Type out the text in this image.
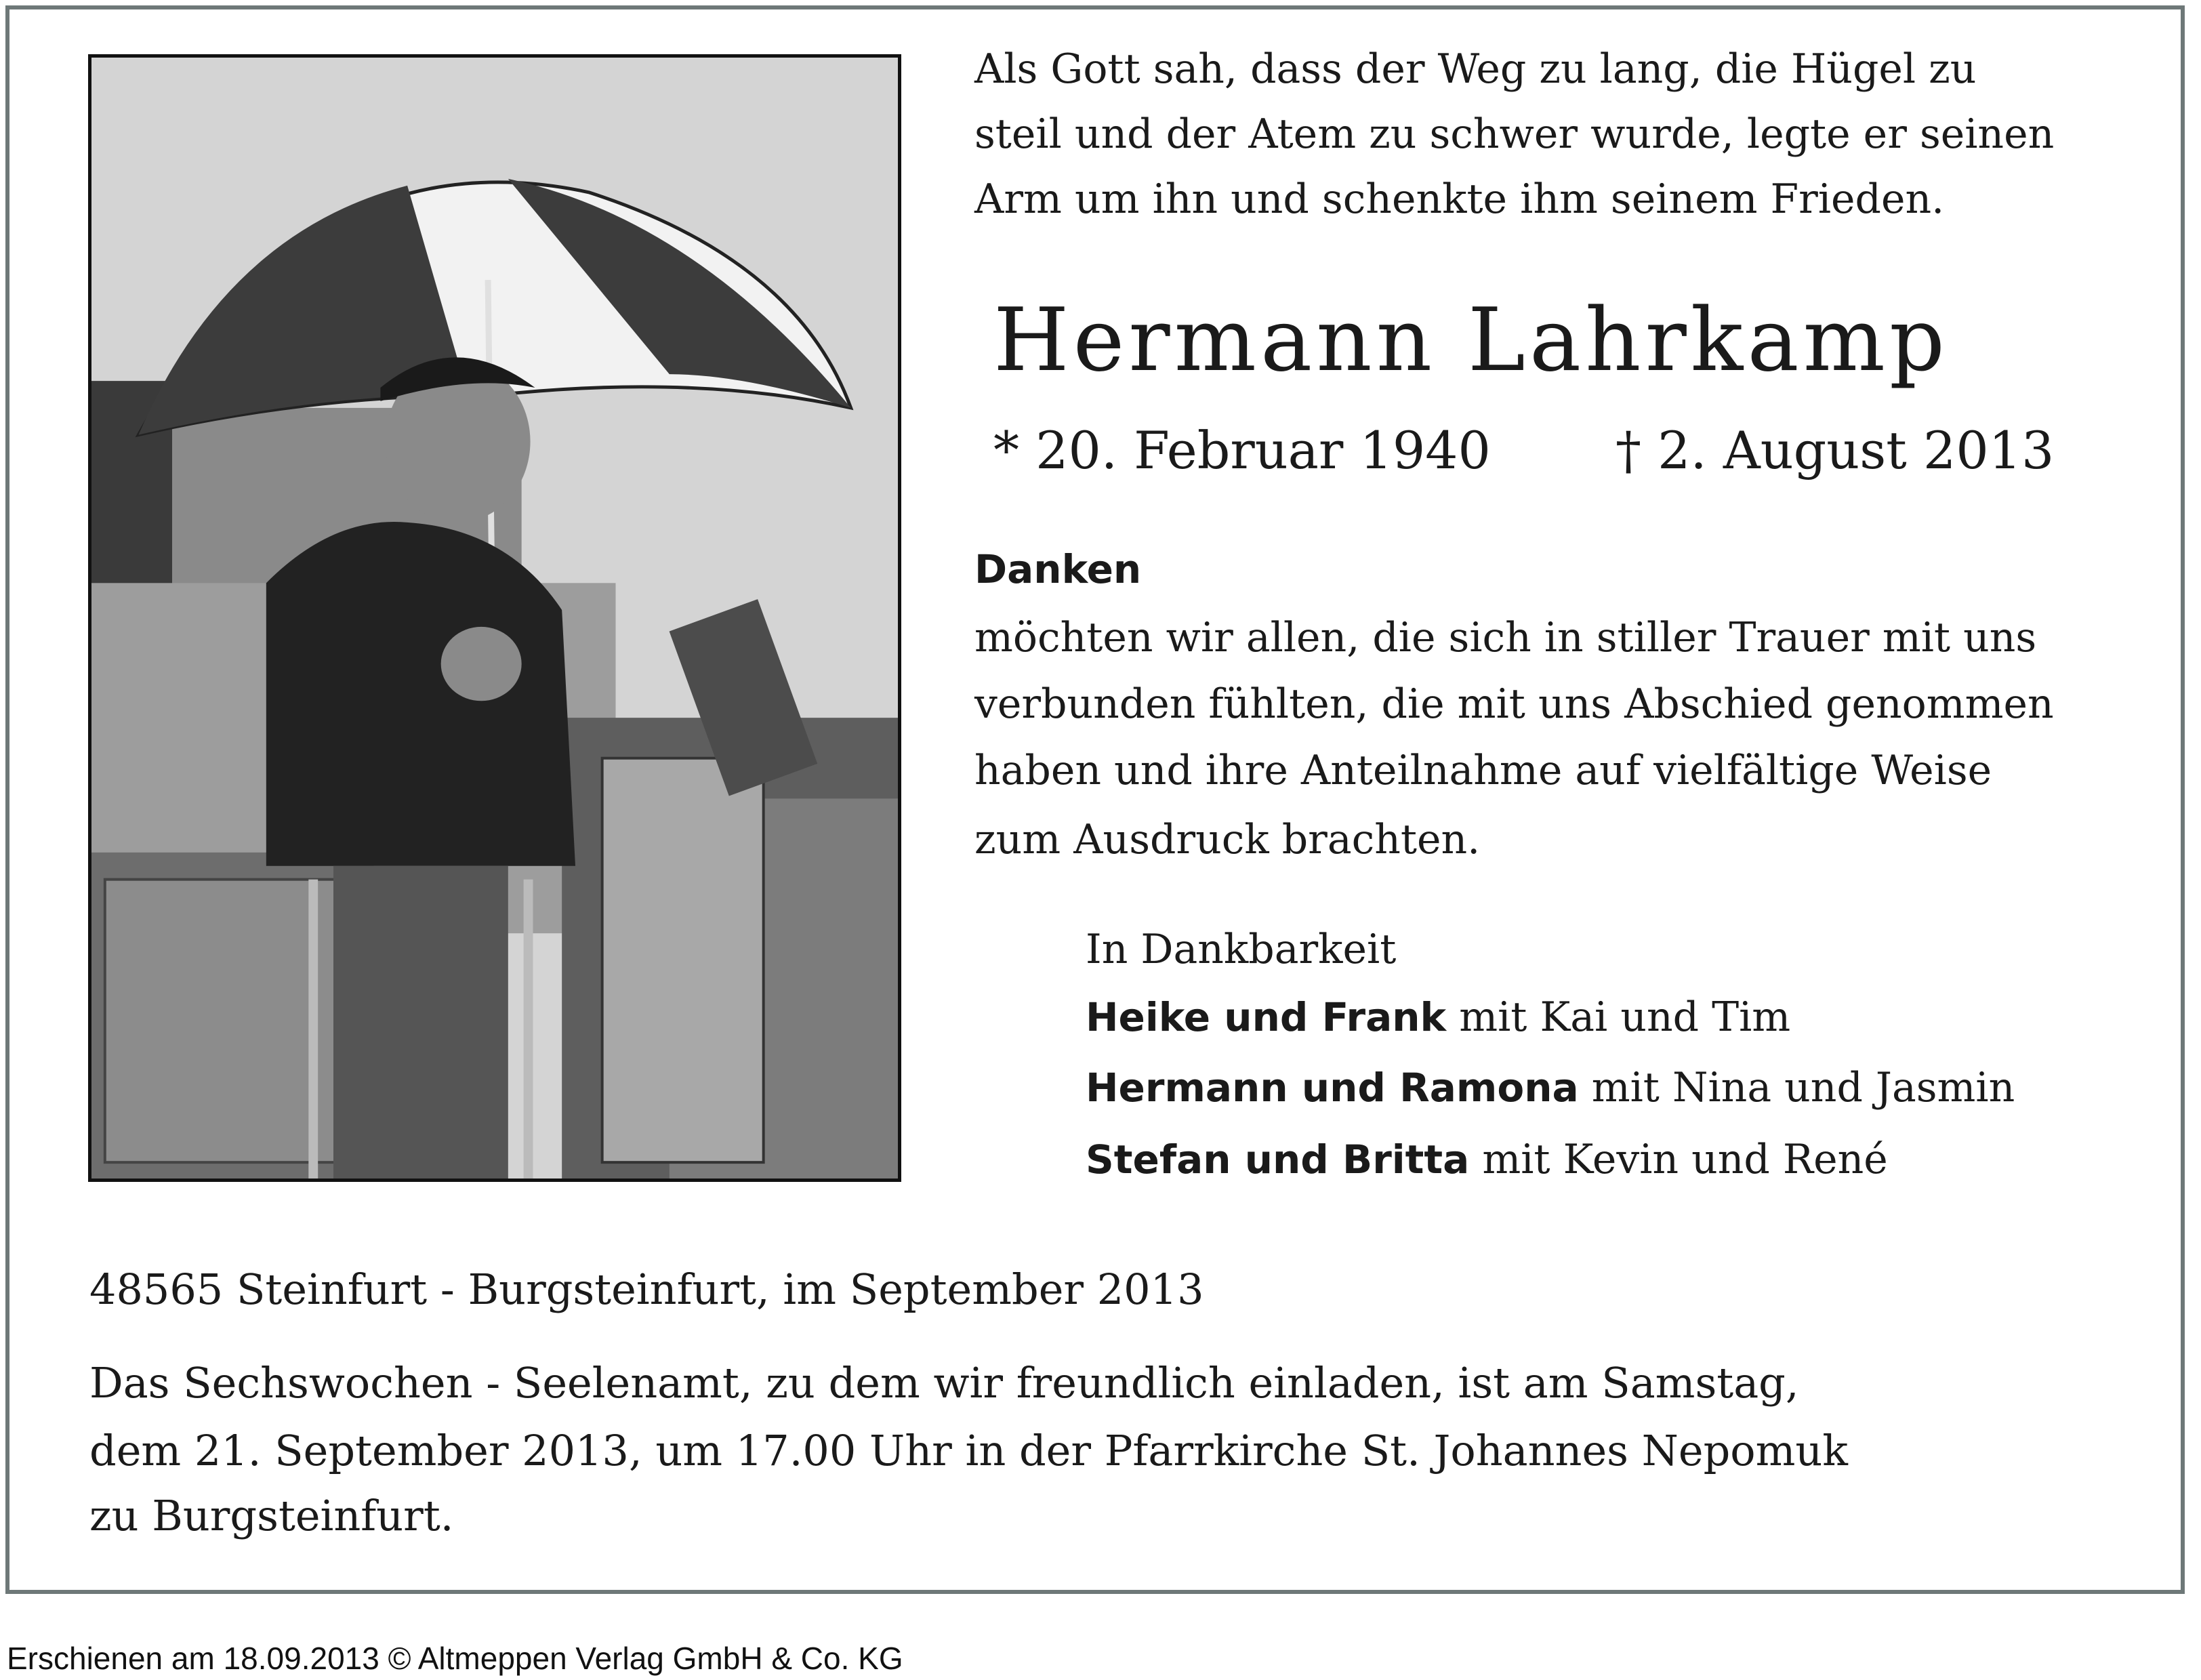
Als Gott sah, dass der Weg zu lang, die Hügel zu
steil und der Atem zu schwer wurde, legte er seinen
Arm um ihn und schenkte ihm seinem Frieden.
Hermann Lahrkamp
* 20. Februar 1940 † 2. August 2013
Danken
möchten wir allen, die sich in stiller Trauer mit uns
verbunden fühlten, die mit uns Abschied genommen
haben und ihre Anteilnahme auf vielfältige Weise
zum Ausdruck brachten.
In Dankbarkeit
Heike und Frank mit Kai und Tim
Hermann und Ramona mit Nina und Jasmin
Stefan und Britta mit Kevin und René
48565 Steinfurt - Burgsteinfurt, im September 2013
Das Sechswochen - Seelenamt, zu dem wir freundlich einladen, ist am Samstag,
dem 21. September 2013, um 17.00 Uhr in der Pfarrkirche St. Johannes Nepomuk
zu Burgsteinfurt.
Erschienen am 18.09.2013 © Altmeppen Verlag GmbH & Co. KG
